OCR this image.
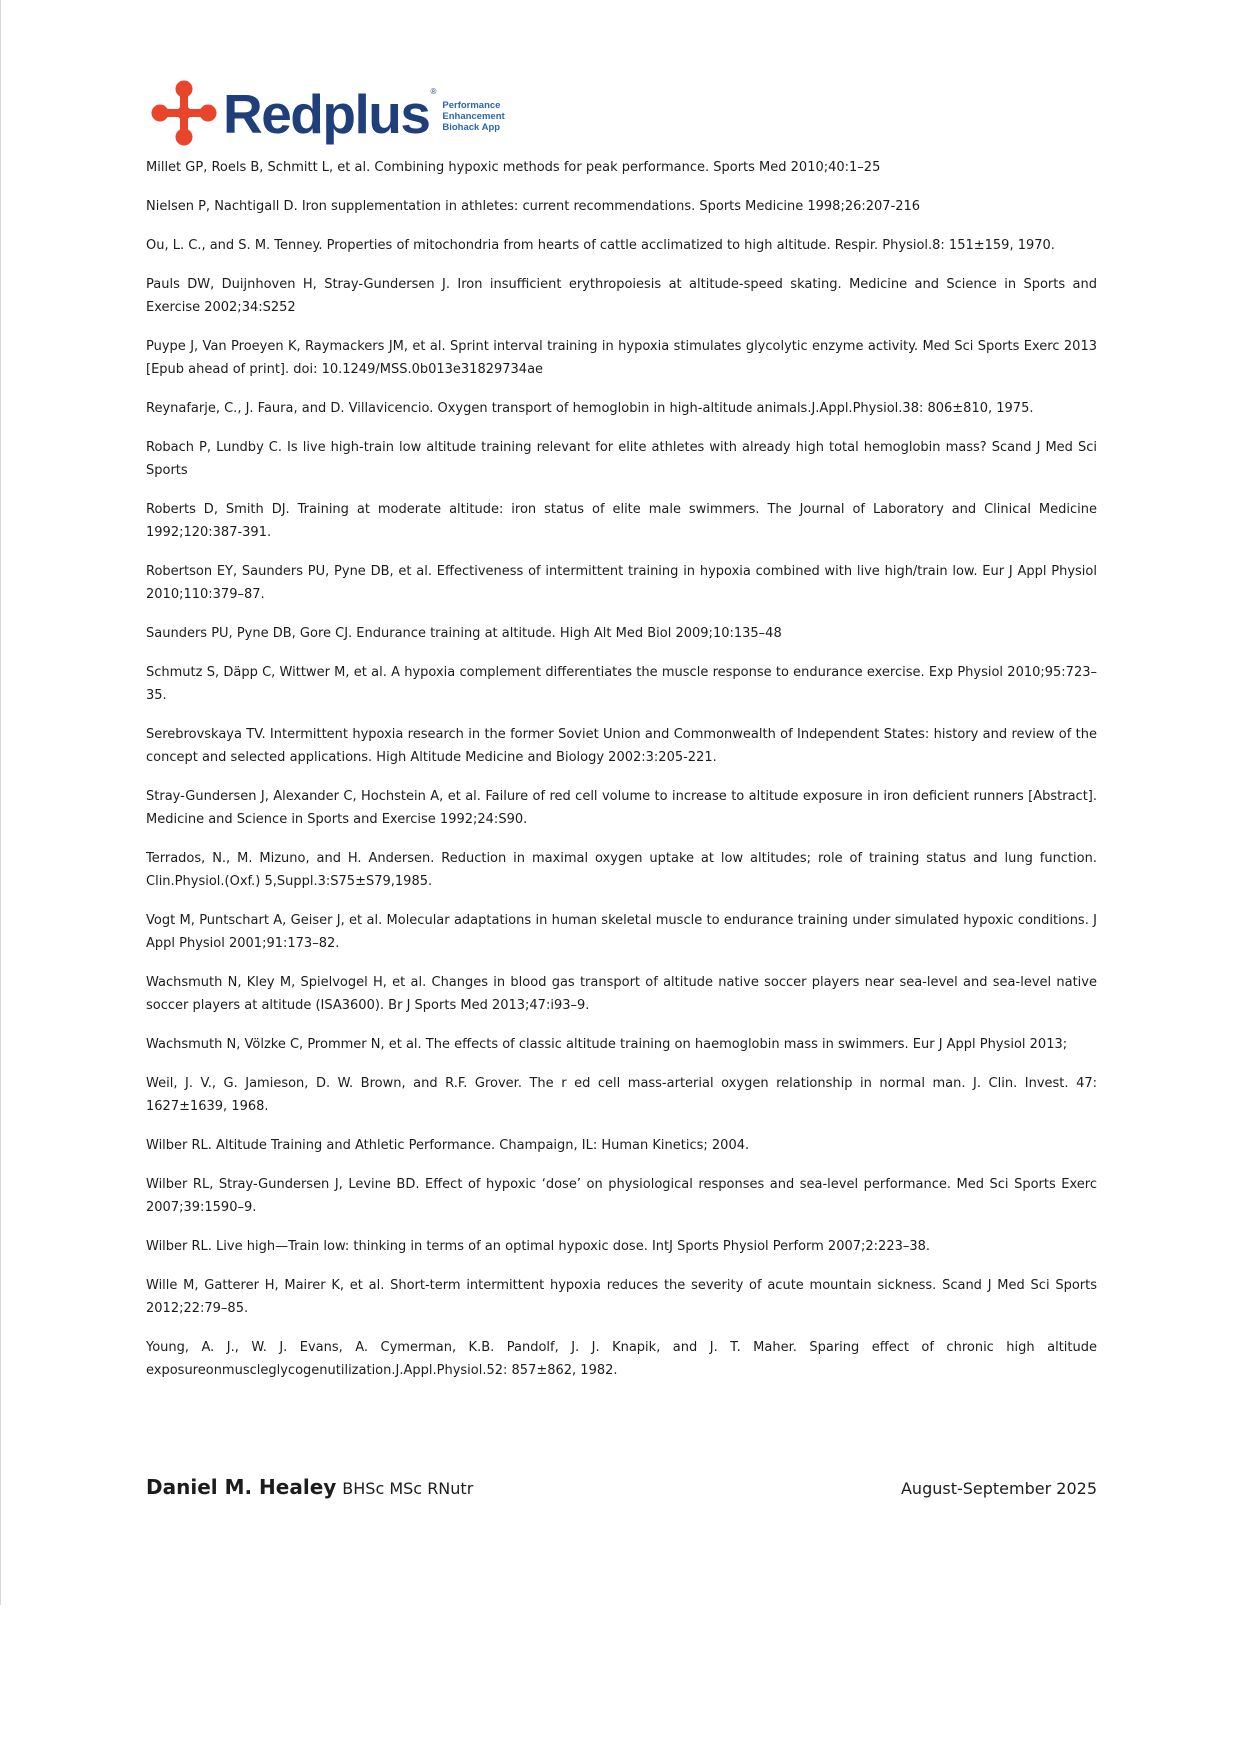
Redplus ®
Performance
Enhancement
Biohack App

Millet GP, Roels B, Schmitt L, et al. Combining hypoxic methods for peak performance. Sports Med 2010;40:1–25

Nielsen P, Nachtigall D. Iron supplementation in athletes: current recommendations. Sports Medicine 1998;26:207-216

Ou, L. C., and S. M. Tenney. Properties of mitochondria from hearts of cattle acclimatized to high altitude. Respir. Physiol.8: 151±159, 1970.

Pauls DW, Duijnhoven H, Stray-Gundersen J. Iron insufficient erythropoiesis at altitude-speed skating. Medicine and Science in Sports and Exercise 2002;34:S252

Puype J, Van Proeyen K, Raymackers JM, et al. Sprint interval training in hypoxia stimulates glycolytic enzyme activity. Med Sci Sports Exerc 2013 [Epub ahead of print]. doi: 10.1249/MSS.0b013e31829734ae

Reynafarje, C., J. Faura, and D. Villavicencio. Oxygen transport of hemoglobin in high-altitude animals.J.Appl.Physiol.38: 806±810, 1975.

Robach P, Lundby C. Is live high-train low altitude training relevant for elite athletes with already high total hemoglobin mass? Scand J Med Sci Sports

Roberts D, Smith DJ. Training at moderate altitude: iron status of elite male swimmers. The Journal of Laboratory and Clinical Medicine 1992;120:387-391.

Robertson EY, Saunders PU, Pyne DB, et al. Effectiveness of intermittent training in hypoxia combined with live high/train low. Eur J Appl Physiol 2010;110:379–87.

Saunders PU, Pyne DB, Gore CJ. Endurance training at altitude. High Alt Med Biol 2009;10:135–48

Schmutz S, Däpp C, Wittwer M, et al. A hypoxia complement differentiates the muscle response to endurance exercise. Exp Physiol 2010;95:723–35.

Serebrovskaya TV. Intermittent hypoxia research in the former Soviet Union and Commonwealth of Independent States: history and review of the concept and selected applications. High Altitude Medicine and Biology 2002:3:205-221.

Stray-Gundersen J, Alexander C, Hochstein A, et al. Failure of red cell volume to increase to altitude exposure in iron deficient runners [Abstract]. Medicine and Science in Sports and Exercise 1992;24:S90.

Terrados, N., M. Mizuno, and H. Andersen. Reduction in maximal oxygen uptake at low altitudes; role of training status and lung function. Clin.Physiol.(Oxf.) 5,Suppl.3:S75±S79,1985.

Vogt M, Puntschart A, Geiser J, et al. Molecular adaptations in human skeletal muscle to endurance training under simulated hypoxic conditions. J Appl Physiol 2001;91:173–82.

Wachsmuth N, Kley M, Spielvogel H, et al. Changes in blood gas transport of altitude native soccer players near sea-level and sea-level native soccer players at altitude (ISA3600). Br J Sports Med 2013;47:i93–9.

Wachsmuth N, Völzke C, Prommer N, et al. The effects of classic altitude training on haemoglobin mass in swimmers. Eur J Appl Physiol 2013;

Weil, J. V., G. Jamieson, D. W. Brown, and R.F. Grover. The r ed cell mass-arterial oxygen relationship in normal man. J. Clin. Invest. 47: 1627±1639, 1968.

Wilber RL. Altitude Training and Athletic Performance. Champaign, IL: Human Kinetics; 2004.

Wilber RL, Stray-Gundersen J, Levine BD. Effect of hypoxic ‘dose’ on physiological responses and sea-level performance. Med Sci Sports Exerc 2007;39:1590–9.

Wilber RL. Live high—Train low: thinking in terms of an optimal hypoxic dose. IntJ Sports Physiol Perform 2007;2:223–38.

Wille M, Gatterer H, Mairer K, et al. Short-term intermittent hypoxia reduces the severity of acute mountain sickness. Scand J Med Sci Sports 2012;22:79–85.

Young, A. J., W. J. Evans, A. Cymerman, K.B. Pandolf, J. J. Knapik, and J. T. Maher. Sparing effect of chronic high altitude exposureonmuscleglycogenutilization.J.Appl.Physiol.52: 857±862, 1982.

Daniel M. Healey BHSc MSc RNutr	August-September 2025
